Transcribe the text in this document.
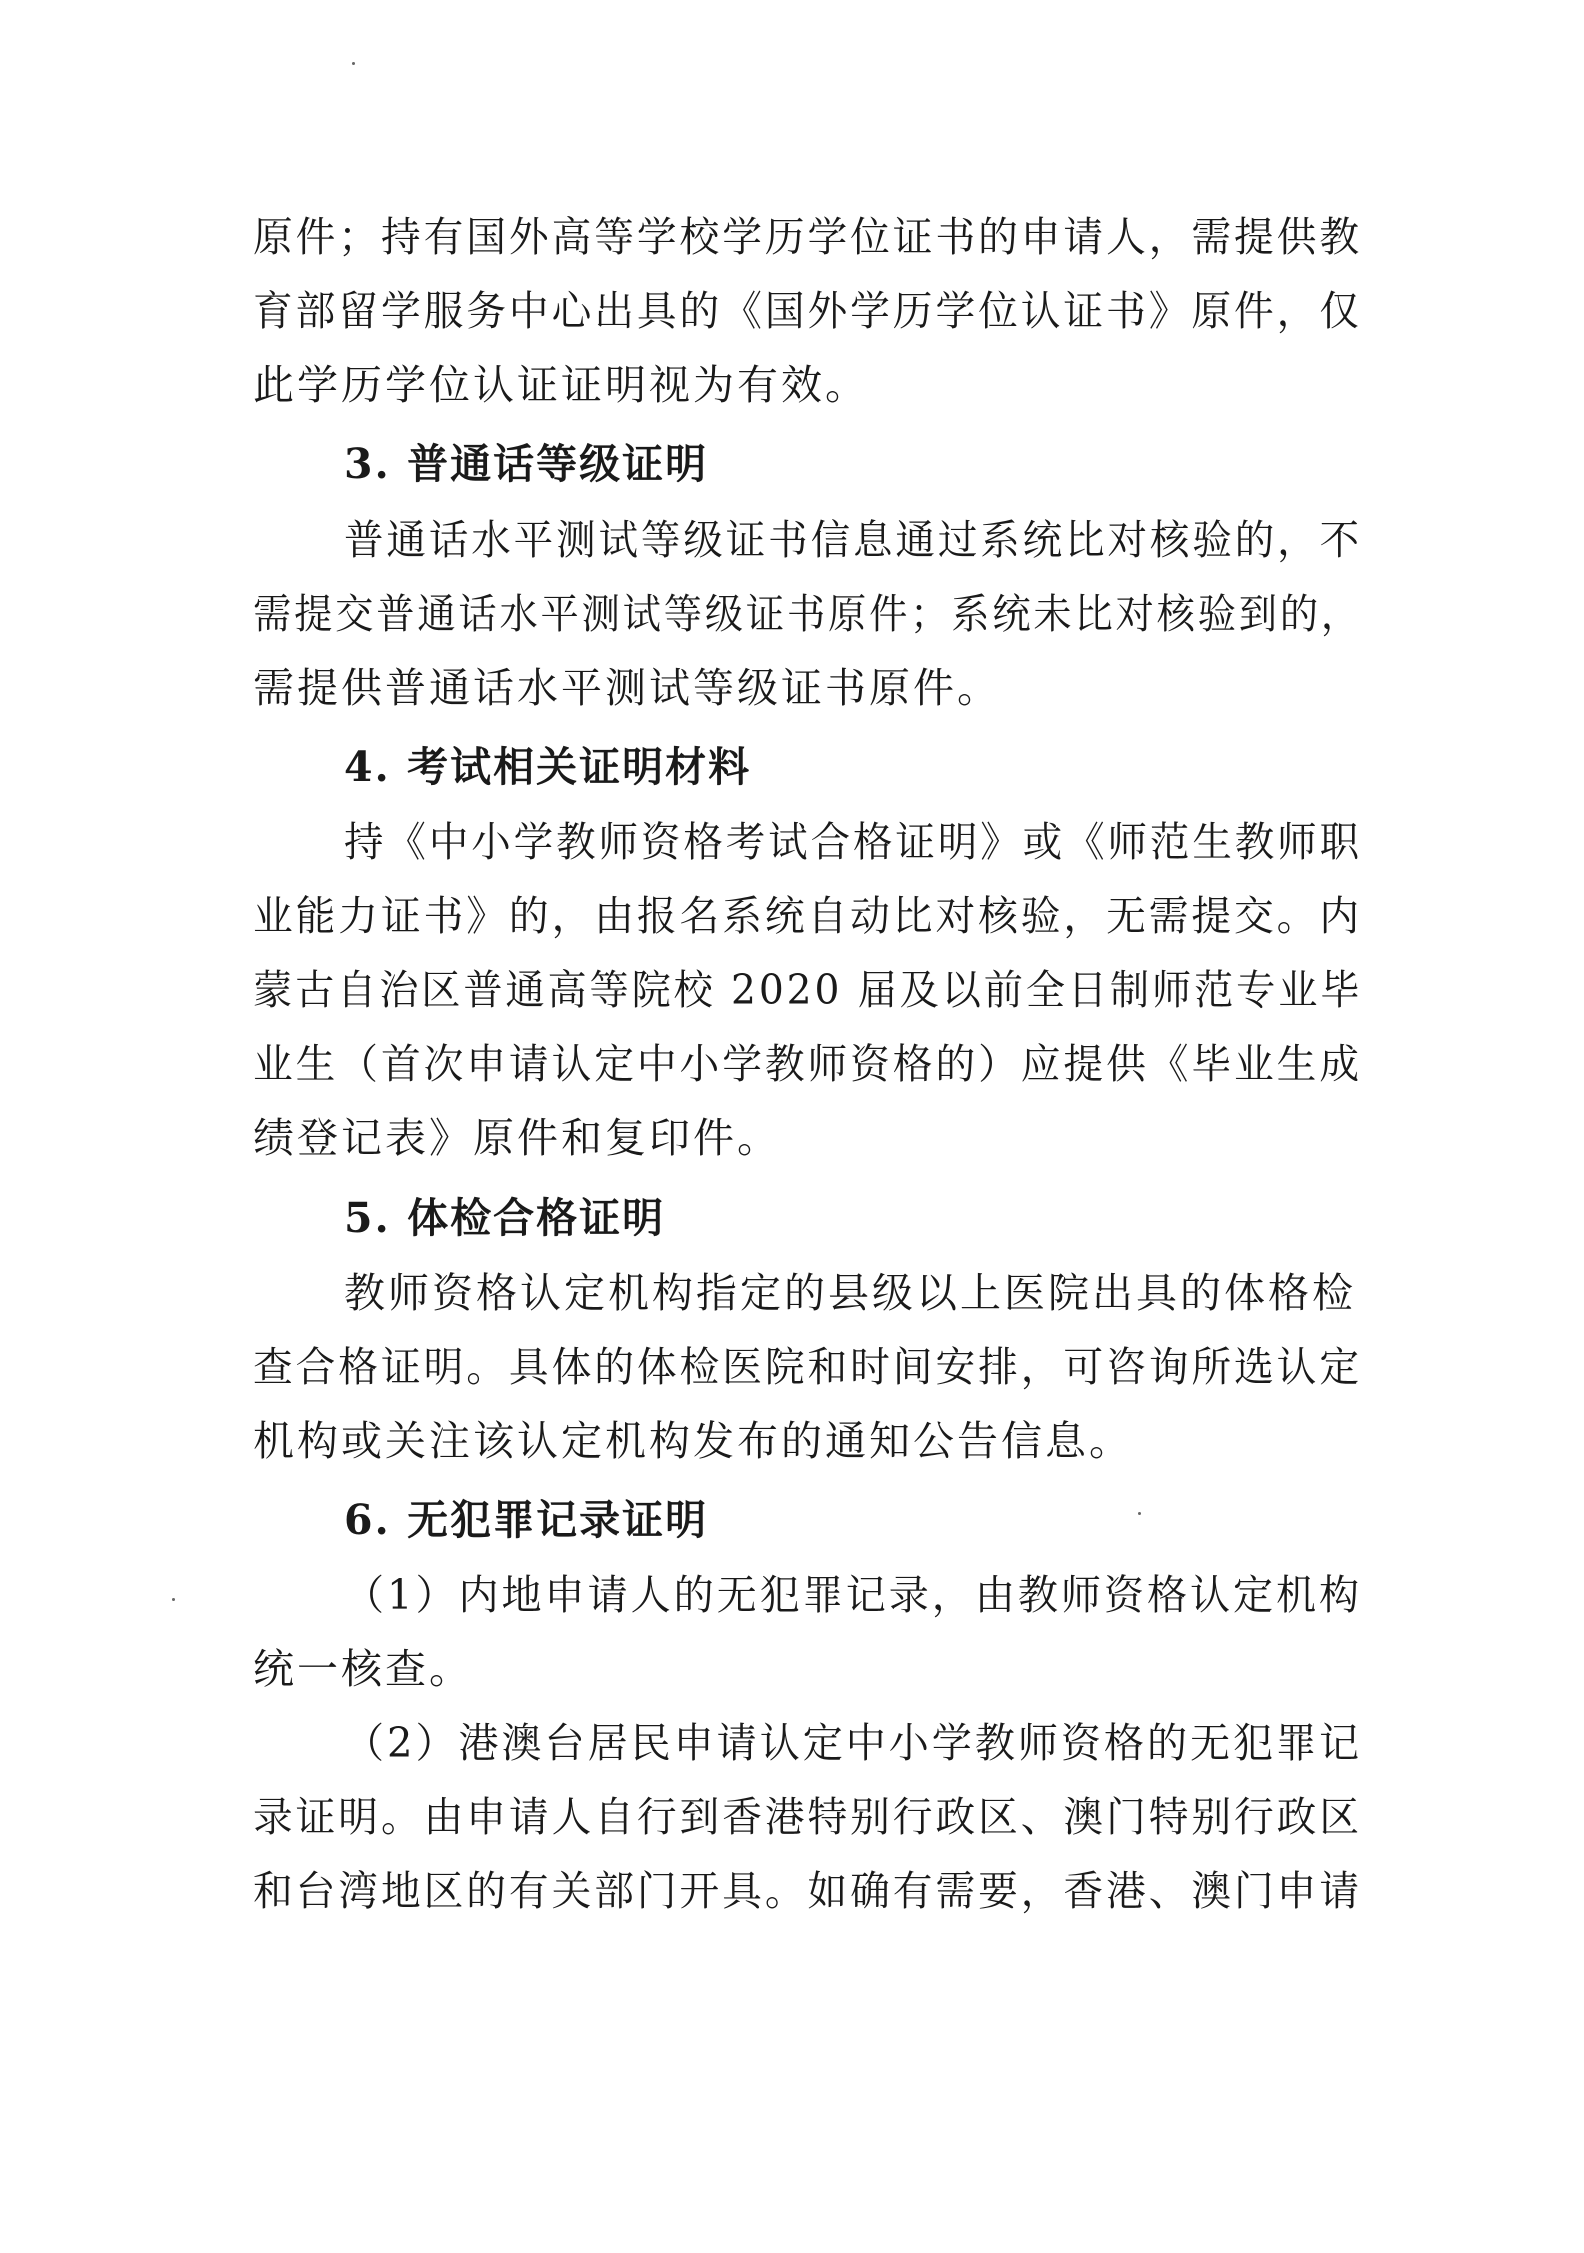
原件；持有国外高等学校学历学位证书的申请人，需提供教
育部留学服务中心出具的《国外学历学位认证书》原件，仅
此学历学位认证证明视为有效。
3. 普通话等级证明
普通话水平测试等级证书信息通过系统比对核验的，不
需提交普通话水平测试等级证书原件；系统未比对核验到的，
需提供普通话水平测试等级证书原件。
4. 考试相关证明材料
持《中小学教师资格考试合格证明》或《师范生教师职
业能力证书》的，由报名系统自动比对核验，无需提交。内
蒙古自治区普通高等院校 2020 届及以前全日制师范专业毕
业生（首次申请认定中小学教师资格的）应提供《毕业生成
绩登记表》原件和复印件。
5. 体检合格证明
教师资格认定机构指定的县级以上医院出具的体格检
查合格证明。具体的体检医院和时间安排，可咨询所选认定
机构或关注该认定机构发布的通知公告信息。
6. 无犯罪记录证明
（1）内地申请人的无犯罪记录，由教师资格认定机构
统一核查。
（2）港澳台居民申请认定中小学教师资格的无犯罪记
录证明。由申请人自行到香港特别行政区、澳门特别行政区
和台湾地区的有关部门开具。如确有需要，香港、澳门申请
